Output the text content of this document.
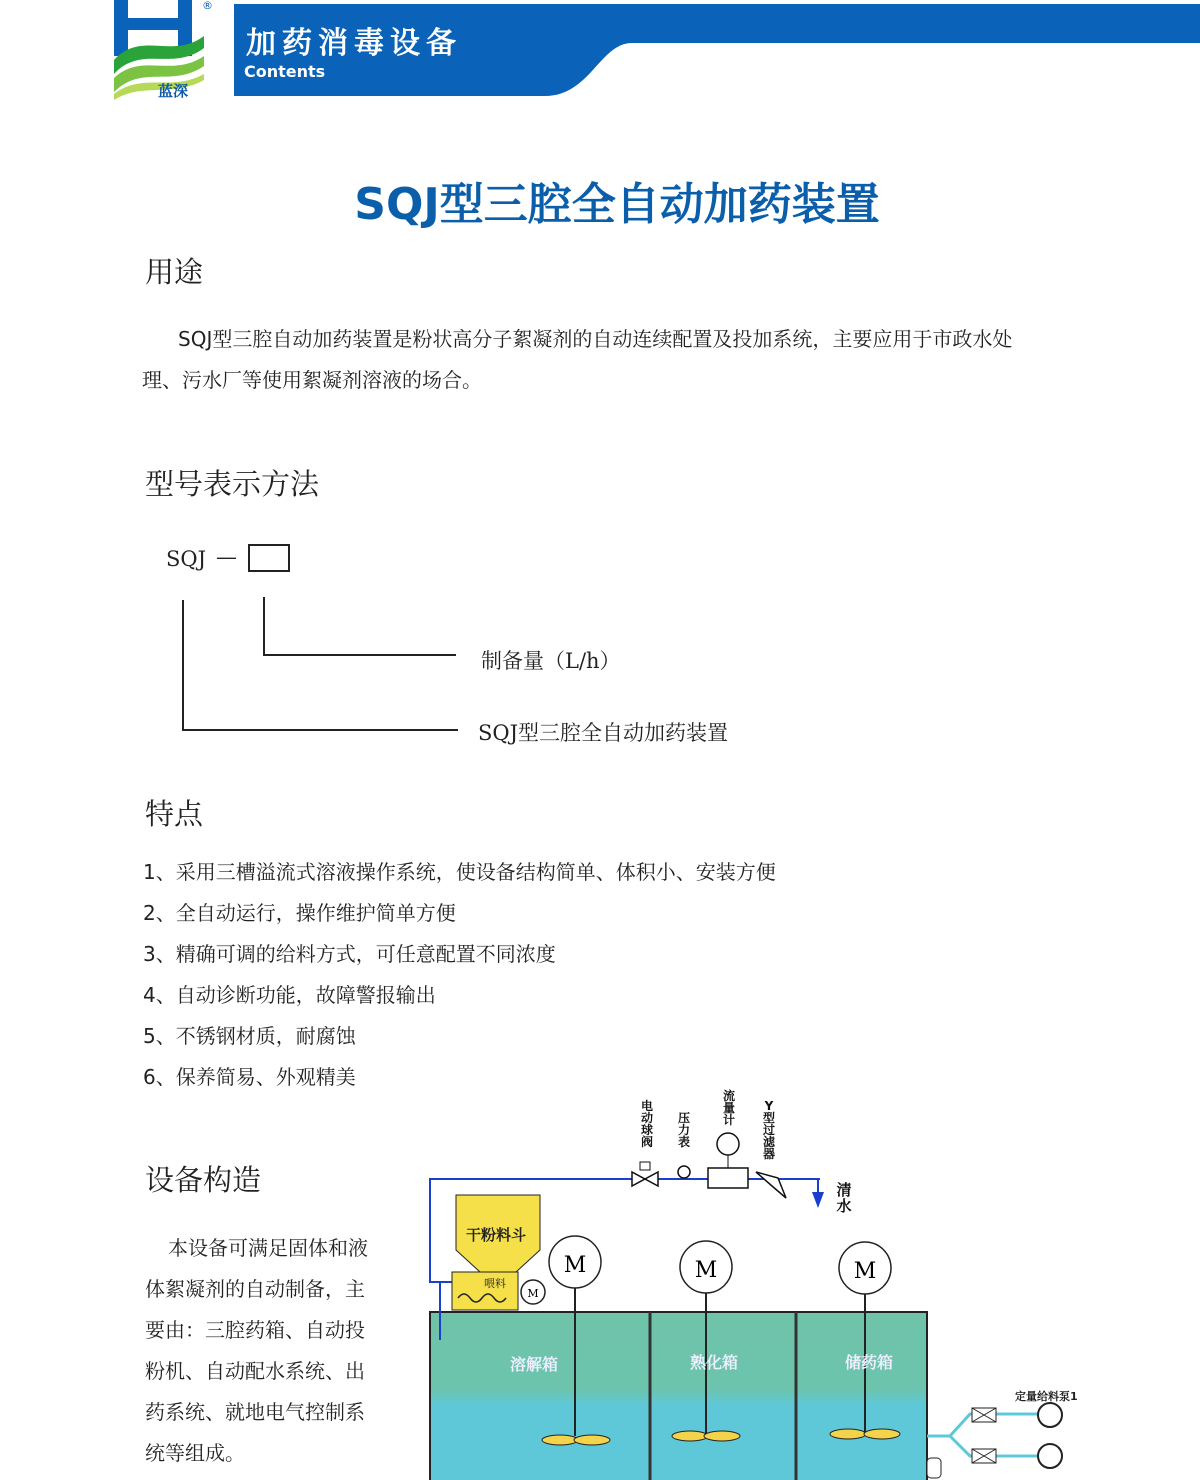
®
蓝深
加药消毒设备
Contents
SQJ型三腔全自动加药装置
用途
SQJ型三腔自动加药装置是粉状高分子絮凝剂的自动连续配置及投加系统，主要应用于市政水处
理、污水厂等使用絮凝剂溶液的场合。
型号表示方法
SQJ —
制备量（L/h）
SQJ型三腔全自动加药装置
特点
1、采用三槽溢流式溶液操作系统，使设备结构简单、体积小、安装方便
2、全自动运行，操作维护简单方便
3、精确可调的给料方式，可任意配置不同浓度
4、自动诊断功能，故障警报输出
5、不锈钢材质，耐腐蚀
6、保养简易、外观精美
设备构造
本设备可满足固体和液
体絮凝剂的自动制备，主
要由：三腔药箱、自动投
粉机、自动配水系统、出
药系统、就地电气控制系
统等组成。
M
M	M	M
电动球阀
压力表
流量计
Y型过滤器
清水
干粉料斗
喂料
溶解箱	熟化箱	储药箱
定量给料泵1
